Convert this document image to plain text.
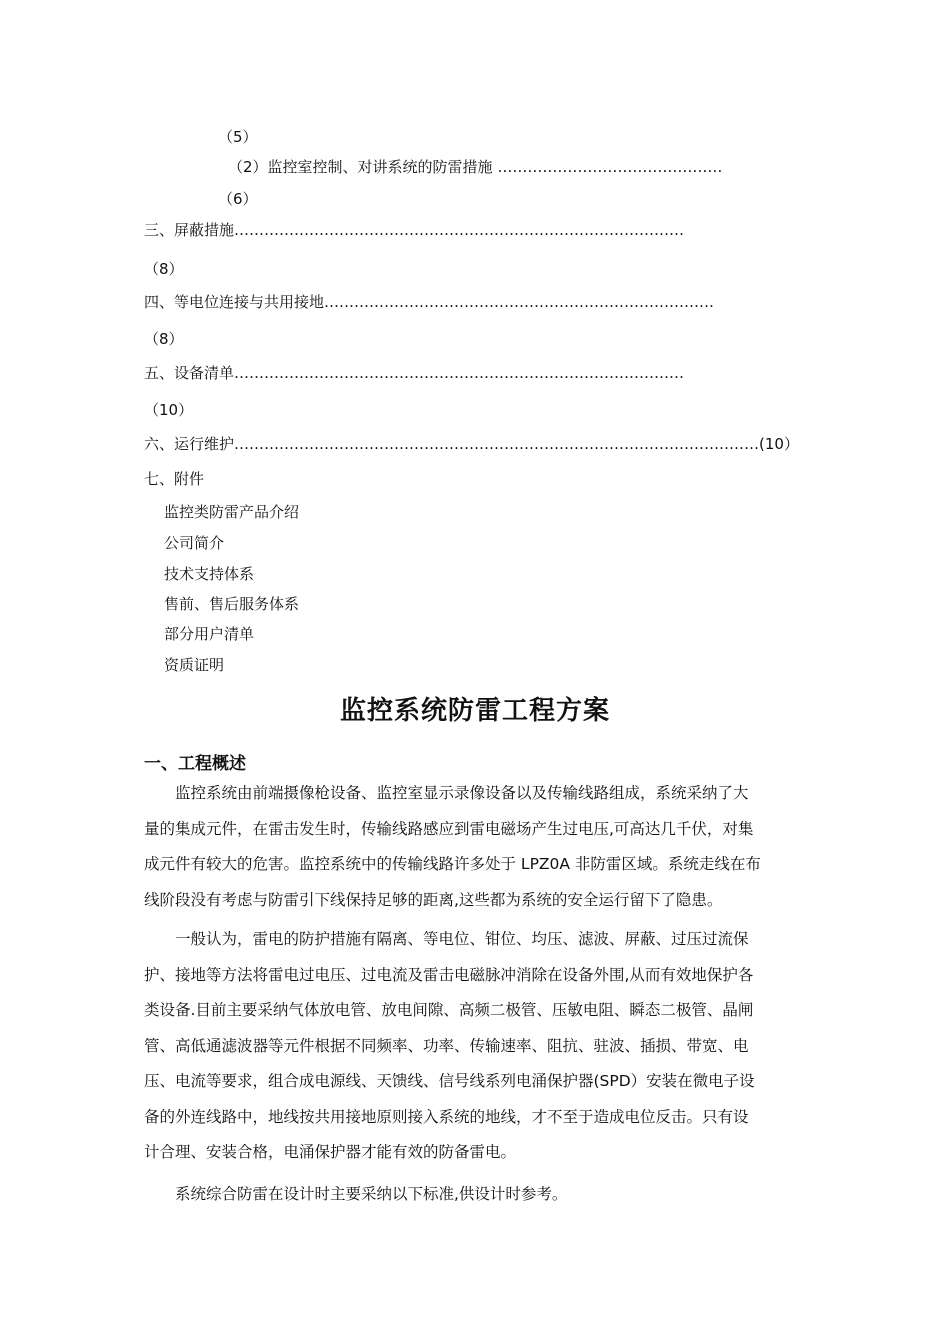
（5）
（2）监控室控制、对讲系统的防雷措施 ………………………………………
（6）
三、屏蔽措施………………………………………………………………………………
（8）
四、等电位连接与共用接地……………………………………………………………………
（8）
五、设备清单………………………………………………………………………………
（10）
六、运行维护……………………………………………………………………………………………(10）
七、附件
监控类防雷产品介绍
公司简介
技术支持体系
售前、售后服务体系
部分用户清单
资质证明
监控系统防雷工程方案
一、工程概述
监控系统由前端摄像枪设备、监控室显示录像设备以及传输线路组成，系统采纳了大
量的集成元件，在雷击发生时，传输线路感应到雷电磁场产生过电压,可高达几千伏，对集
成元件有较大的危害。监控系统中的传输线路许多处于 LPZ0A 非防雷区域。系统走线在布
线阶段没有考虑与防雷引下线保持足够的距离,这些都为系统的安全运行留下了隐患。
一般认为，雷电的防护措施有隔离、等电位、钳位、均压、滤波、屏蔽、过压过流保
护、接地等方法将雷电过电压、过电流及雷击电磁脉冲消除在设备外围,从而有效地保护各
类设备.目前主要采纳气体放电管、放电间隙、高频二极管、压敏电阻、瞬态二极管、晶闸
管、高低通滤波器等元件根据不同频率、功率、传输速率、阻抗、驻波、插损、带宽、电
压、电流等要求，组合成电源线、天馈线、信号线系列电涌保护器(SPD）安装在微电子设
备的外连线路中，地线按共用接地原则接入系统的地线，才不至于造成电位反击。只有设
计合理、安装合格，电涌保护器才能有效的防备雷电。
系统综合防雷在设计时主要采纳以下标准,供设计时参考。
